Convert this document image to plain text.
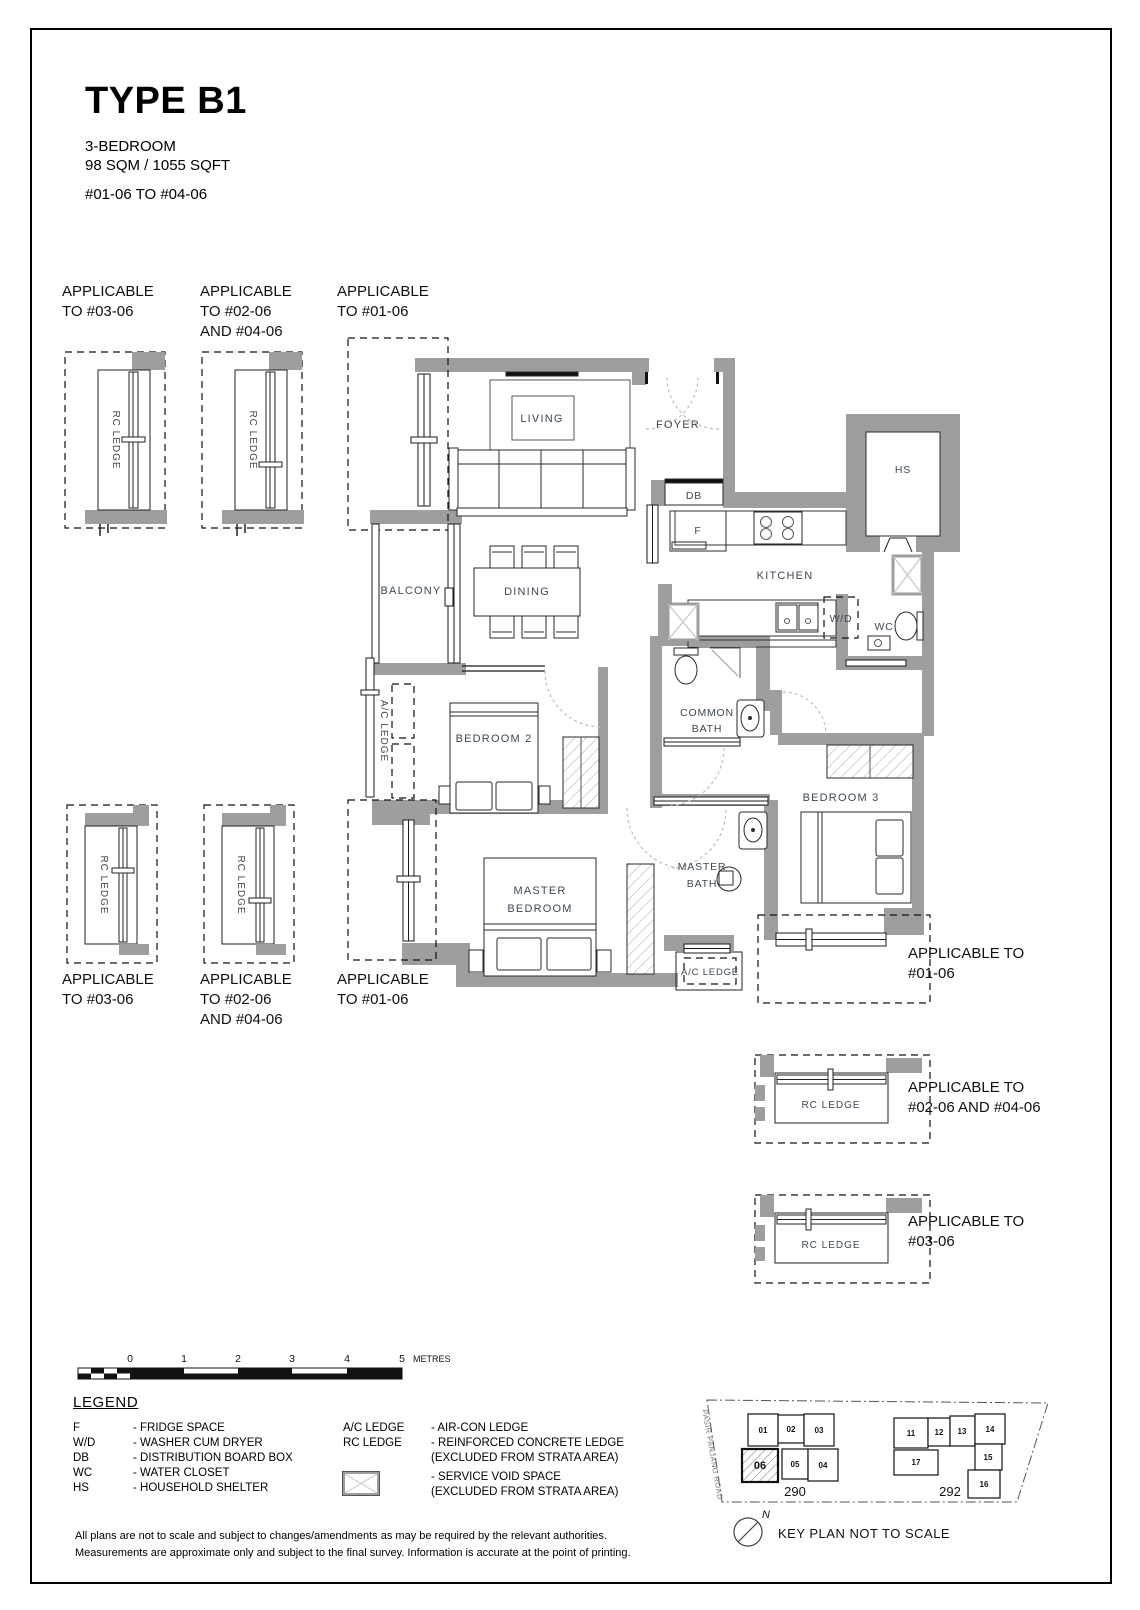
TYPE B1
3-BEDROOM
98 SQM / 1055 SQFT
#01-06 TO #04-06
APPLICABLE
TO #03-06
APPLICABLE
TO #02-06
AND #04-06
APPLICABLE
TO #01-06
APPLICABLE
TO #03-06
APPLICABLE
TO #02-06
AND #04-06
APPLICABLE
TO #01-06
APPLICABLE TO
#01-06
APPLICABLE TO
#02-06 AND #04-06
APPLICABLE TO
#03-06
RC LEDGE	RC LEDGE
RC LEDGE	RC LEDGE
RC LEDGE
RC LEDGE
LIVING	FOYER
DB
F
KITCHEN
HS
W/D
WC
BALCONY	DINING
BEDROOM 2
COMMON
BATH
BEDROOM 3
MASTER
BEDROOM
MASTER
BATH
A/C LEDGE
A/C LEDGE
0	1	2	3	4	5 METRES
PASIR PANJANG ROAD	01 02 03
06	05 04
11 12 13 14
17
15
16
290	292
N
KEY PLAN NOT TO SCALE
LEGEND
F	- FRIDGE SPACE
W/D	- WASHER CUM DRYER
DB	- DISTRIBUTION BOARD BOX
WC	- WATER CLOSET
HS	- HOUSEHOLD SHELTER
A/C LEDGE	- AIR-CON LEDGE
RC LEDGE	- REINFORCED CONCRETE LEDGE
(EXCLUDED FROM STRATA AREA)
- SERVICE VOID SPACE
(EXCLUDED FROM STRATA AREA)
All plans are not to scale and subject to changes/amendments as may be required by the relevant authorities.
Measurements are approximate only and subject to the final survey. Information is accurate at the point of printing.
